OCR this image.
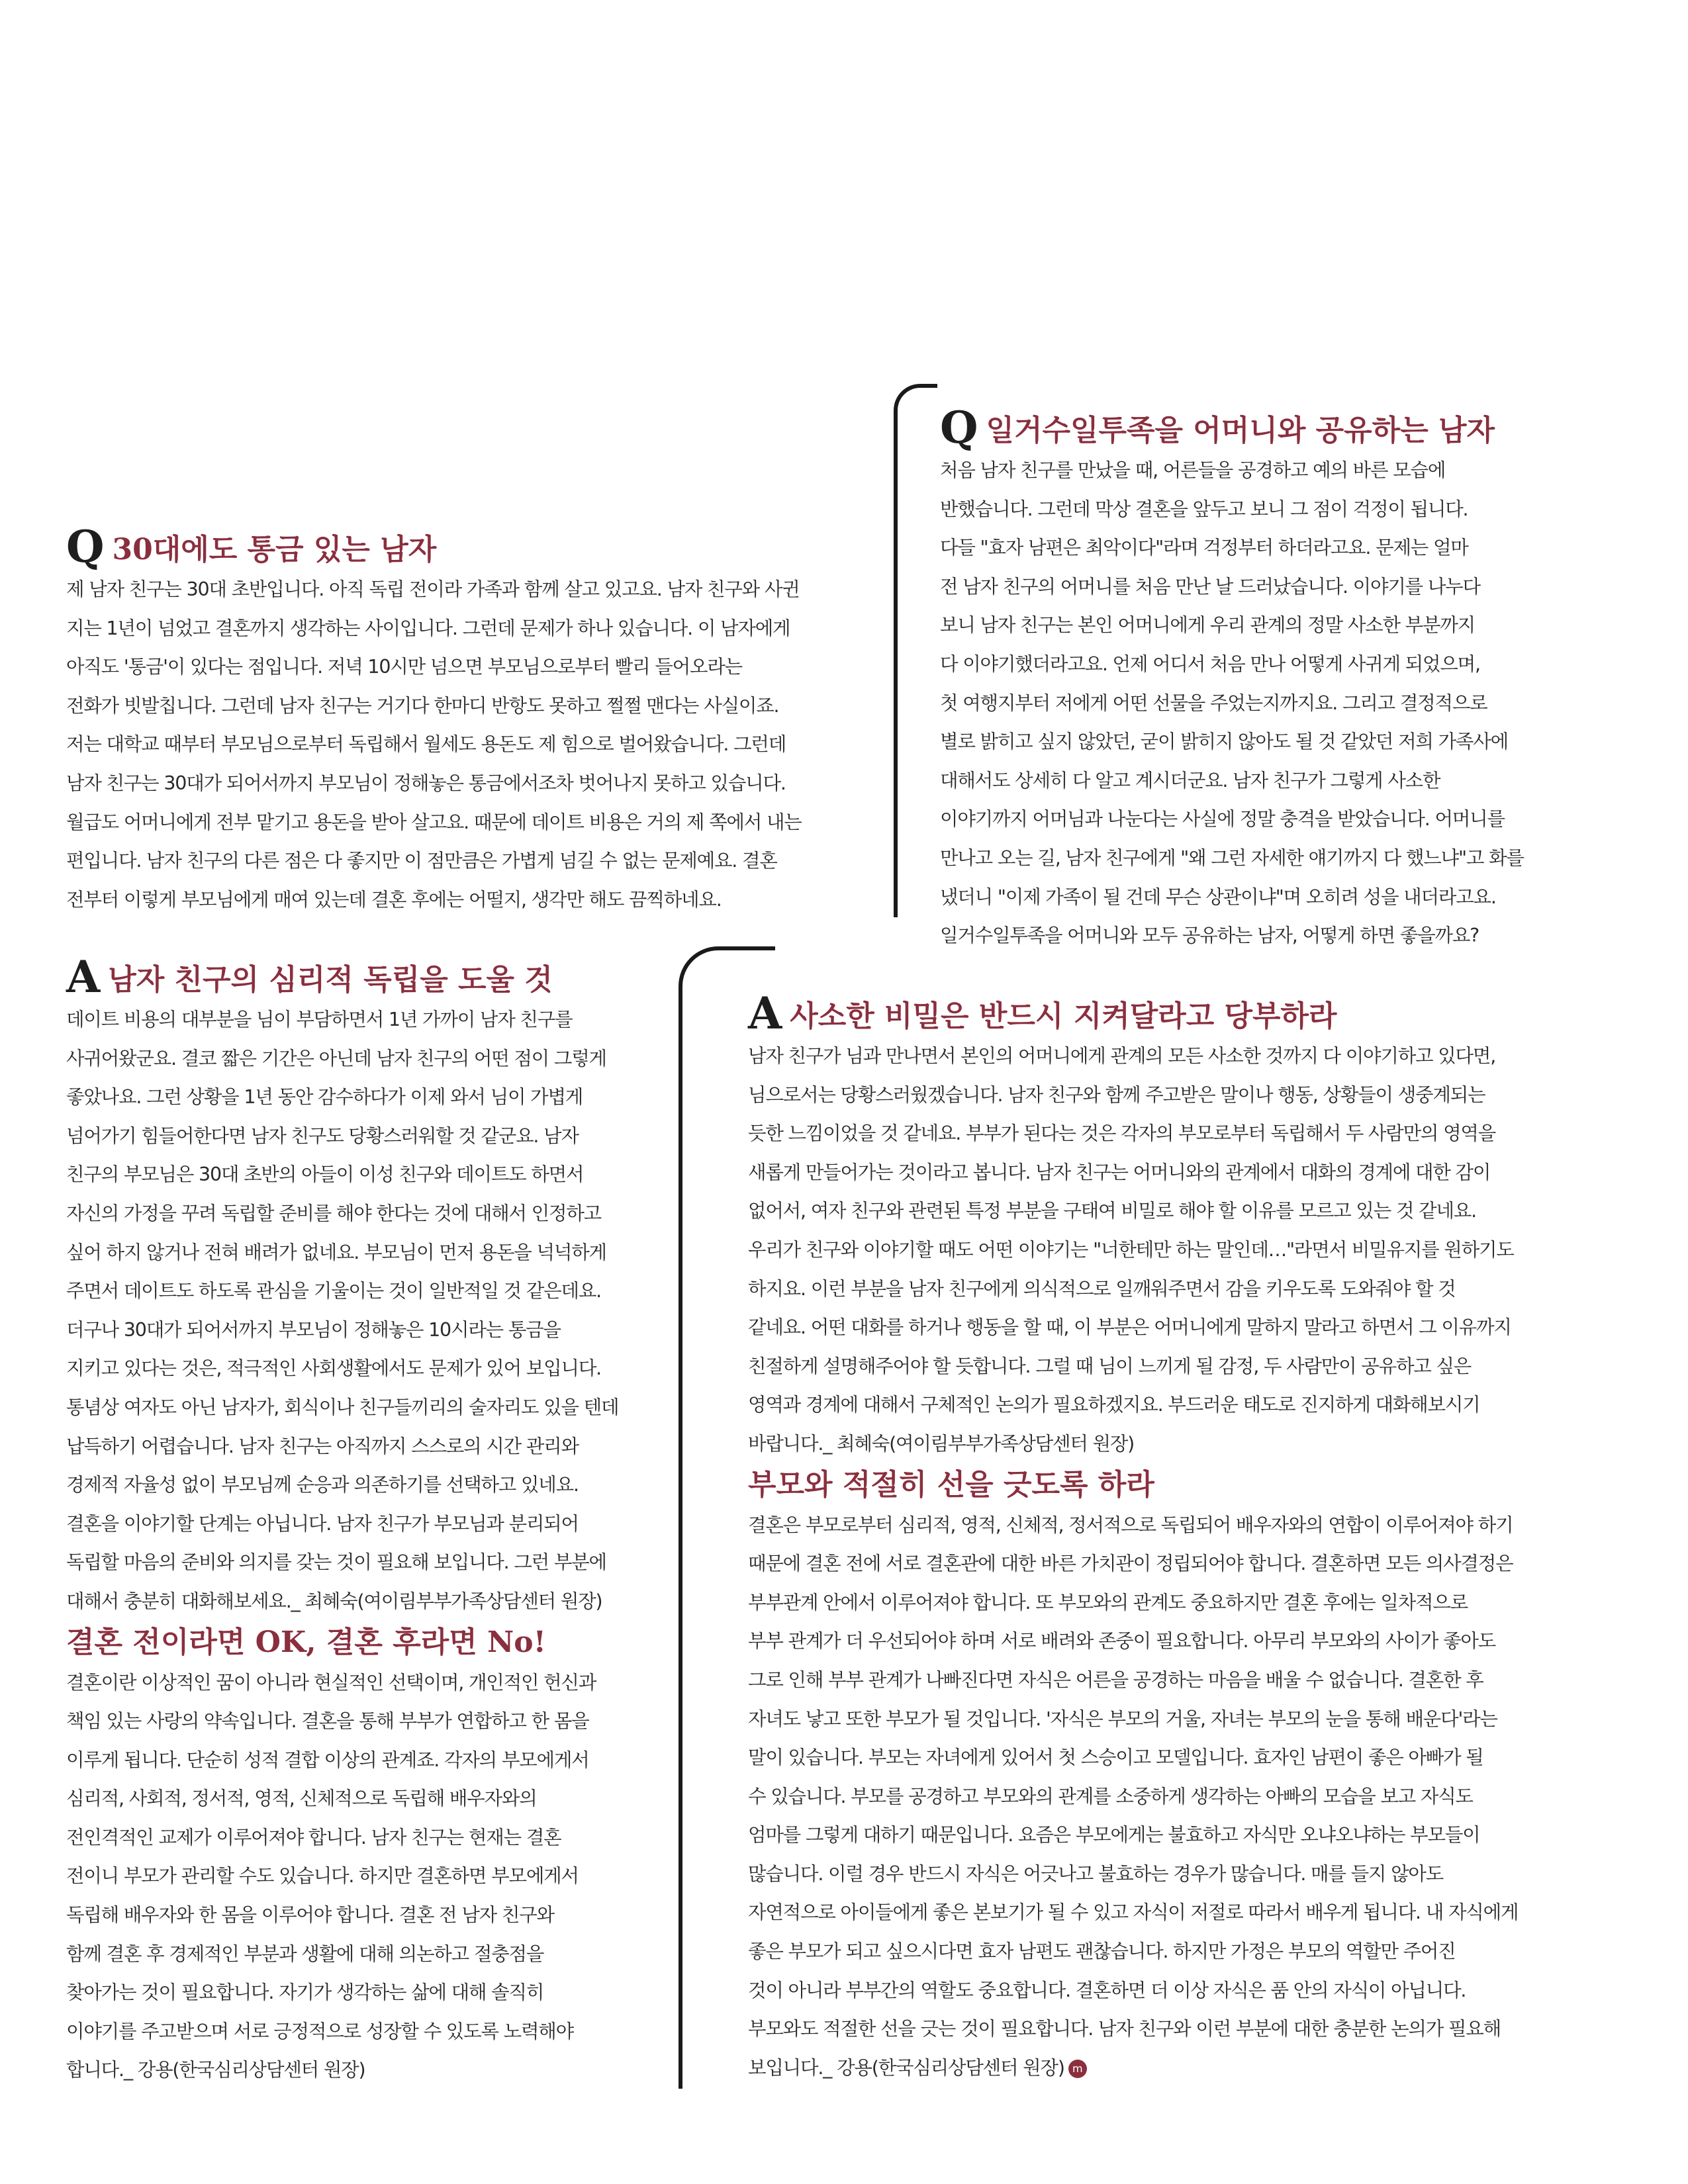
Q 30대에도 통금 있는 남자
제 남자 친구는 30대 초반입니다. 아직 독립 전이라 가족과 함께 살고 있고요. 남자 친구와 사귄
지는 1년이 넘었고 결혼까지 생각하는 사이입니다. 그런데 문제가 하나 있습니다. 이 남자에게
아직도 '통금'이 있다는 점입니다. 저녁 10시만 넘으면 부모님으로부터 빨리 들어오라는
전화가 빗발칩니다. 그런데 남자 친구는 거기다 한마디 반항도 못하고 쩔쩔 맨다는 사실이죠.
저는 대학교 때부터 부모님으로부터 독립해서 월세도 용돈도 제 힘으로 벌어왔습니다. 그런데
남자 친구는 30대가 되어서까지 부모님이 정해놓은 통금에서조차 벗어나지 못하고 있습니다.
월급도 어머니에게 전부 맡기고 용돈을 받아 살고요. 때문에 데이트 비용은 거의 제 쪽에서 내는
편입니다. 남자 친구의 다른 점은 다 좋지만 이 점만큼은 가볍게 넘길 수 없는 문제예요. 결혼
전부터 이렇게 부모님에게 매여 있는데 결혼 후에는 어떨지, 생각만 해도 끔찍하네요.
A남자 친구의 심리적 독립을 도울 것
데이트 비용의 대부분을 님이 부담하면서 1년 가까이 남자 친구를
사귀어왔군요. 결코 짧은 기간은 아닌데 남자 친구의 어떤 점이 그렇게
좋았나요. 그런 상황을 1년 동안 감수하다가 이제 와서 님이 가볍게
넘어가기 힘들어한다면 남자 친구도 당황스러워할 것 같군요. 남자
친구의 부모님은 30대 초반의 아들이 이성 친구와 데이트도 하면서
자신의 가정을 꾸려 독립할 준비를 해야 한다는 것에 대해서 인정하고
싶어 하지 않거나 전혀 배려가 없네요. 부모님이 먼저 용돈을 넉넉하게
주면서 데이트도 하도록 관심을 기울이는 것이 일반적일 것 같은데요.
더구나 30대가 되어서까지 부모님이 정해놓은 10시라는 통금을
지키고 있다는 것은, 적극적인 사회생활에서도 문제가 있어 보입니다.
통념상 여자도 아닌 남자가, 회식이나 친구들끼리의 술자리도 있을 텐데
납득하기 어렵습니다. 남자 친구는 아직까지 스스로의 시간 관리와
경제적 자율성 없이 부모님께 순응과 의존하기를 선택하고 있네요.
결혼을 이야기할 단계는 아닙니다. 남자 친구가 부모님과 분리되어
독립할 마음의 준비와 의지를 갖는 것이 필요해 보입니다. 그런 부분에
대해서 충분히 대화해보세요._ 최혜숙(여이림부부가족상담센터 원장)
결혼 전이라면 OK, 결혼 후라면 No!
결혼이란 이상적인 꿈이 아니라 현실적인 선택이며, 개인적인 헌신과
책임 있는 사랑의 약속입니다. 결혼을 통해 부부가 연합하고 한 몸을
이루게 됩니다. 단순히 성적 결합 이상의 관계죠. 각자의 부모에게서
심리적, 사회적, 정서적, 영적, 신체적으로 독립해 배우자와의
전인격적인 교제가 이루어져야 합니다. 남자 친구는 현재는 결혼
전이니 부모가 관리할 수도 있습니다. 하지만 결혼하면 부모에게서
독립해 배우자와 한 몸을 이루어야 합니다. 결혼 전 남자 친구와
함께 결혼 후 경제적인 부분과 생활에 대해 의논하고 절충점을
찾아가는 것이 필요합니다. 자기가 생각하는 삶에 대해 솔직히
이야기를 주고받으며 서로 긍정적으로 성장할 수 있도록 노력해야
합니다._ 강용(한국심리상담센터 원장)
Q일거수일투족을 어머니와 공유하는 남자
처음 남자 친구를 만났을 때, 어른들을 공경하고 예의 바른 모습에
반했습니다. 그런데 막상 결혼을 앞두고 보니 그 점이 걱정이 됩니다.
다들 "효자 남편은 최악이다"라며 걱정부터 하더라고요. 문제는 얼마
전 남자 친구의 어머니를 처음 만난 날 드러났습니다. 이야기를 나누다
보니 남자 친구는 본인 어머니에게 우리 관계의 정말 사소한 부분까지
다 이야기했더라고요. 언제 어디서 처음 만나 어떻게 사귀게 되었으며,
첫 여행지부터 저에게 어떤 선물을 주었는지까지요. 그리고 결정적으로
별로 밝히고 싶지 않았던, 굳이 밝히지 않아도 될 것 같았던 저희 가족사에
대해서도 상세히 다 알고 계시더군요. 남자 친구가 그렇게 사소한
이야기까지 어머님과 나눈다는 사실에 정말 충격을 받았습니다. 어머니를
만나고 오는 길, 남자 친구에게 "왜 그런 자세한 얘기까지 다 했느냐"고 화를
냈더니 "이제 가족이 될 건데 무슨 상관이냐"며 오히려 성을 내더라고요.
일거수일투족을 어머니와 모두 공유하는 남자, 어떻게 하면 좋을까요?
A사소한 비밀은 반드시 지켜달라고 당부하라
남자 친구가 님과 만나면서 본인의 어머니에게 관계의 모든 사소한 것까지 다 이야기하고 있다면,
님으로서는 당황스러웠겠습니다. 남자 친구와 함께 주고받은 말이나 행동, 상황들이 생중계되는
듯한 느낌이었을 것 같네요. 부부가 된다는 것은 각자의 부모로부터 독립해서 두 사람만의 영역을
새롭게 만들어가는 것이라고 봅니다. 남자 친구는 어머니와의 관계에서 대화의 경계에 대한 감이
없어서, 여자 친구와 관련된 특정 부분을 구태여 비밀로 해야 할 이유를 모르고 있는 것 같네요.
우리가 친구와 이야기할 때도 어떤 이야기는 "너한테만 하는 말인데…"라면서 비밀유지를 원하기도
하지요. 이런 부분을 남자 친구에게 의식적으로 일깨워주면서 감을 키우도록 도와줘야 할 것
같네요. 어떤 대화를 하거나 행동을 할 때, 이 부분은 어머니에게 말하지 말라고 하면서 그 이유까지
친절하게 설명해주어야 할 듯합니다. 그럴 때 님이 느끼게 될 감정, 두 사람만이 공유하고 싶은
영역과 경계에 대해서 구체적인 논의가 필요하겠지요. 부드러운 태도로 진지하게 대화해보시기
바랍니다._ 최혜숙(여이림부부가족상담센터 원장)
부모와 적절히 선을 긋도록 하라
결혼은 부모로부터 심리적, 영적, 신체적, 정서적으로 독립되어 배우자와의 연합이 이루어져야 하기
때문에 결혼 전에 서로 결혼관에 대한 바른 가치관이 정립되어야 합니다. 결혼하면 모든 의사결정은
부부관계 안에서 이루어져야 합니다. 또 부모와의 관계도 중요하지만 결혼 후에는 일차적으로
부부 관계가 더 우선되어야 하며 서로 배려와 존중이 필요합니다. 아무리 부모와의 사이가 좋아도
그로 인해 부부 관계가 나빠진다면 자식은 어른을 공경하는 마음을 배울 수 없습니다. 결혼한 후
자녀도 낳고 또한 부모가 될 것입니다. '자식은 부모의 거울, 자녀는 부모의 눈을 통해 배운다'라는
말이 있습니다. 부모는 자녀에게 있어서 첫 스승이고 모델입니다. 효자인 남편이 좋은 아빠가 될
수 있습니다. 부모를 공경하고 부모와의 관계를 소중하게 생각하는 아빠의 모습을 보고 자식도
엄마를 그렇게 대하기 때문입니다. 요즘은 부모에게는 불효하고 자식만 오냐오냐하는 부모들이
많습니다. 이럴 경우 반드시 자식은 어긋나고 불효하는 경우가 많습니다. 매를 들지 않아도
자연적으로 아이들에게 좋은 본보기가 될 수 있고 자식이 저절로 따라서 배우게 됩니다. 내 자식에게
좋은 부모가 되고 싶으시다면 효자 남편도 괜찮습니다. 하지만 가정은 부모의 역할만 주어진
것이 아니라 부부간의 역할도 중요합니다. 결혼하면 더 이상 자식은 품 안의 자식이 아닙니다.
부모와도 적절한 선을 긋는 것이 필요합니다. 남자 친구와 이런 부분에 대한 충분한 논의가 필요해
보입니다._ 강용(한국심리상담센터 원장) m
